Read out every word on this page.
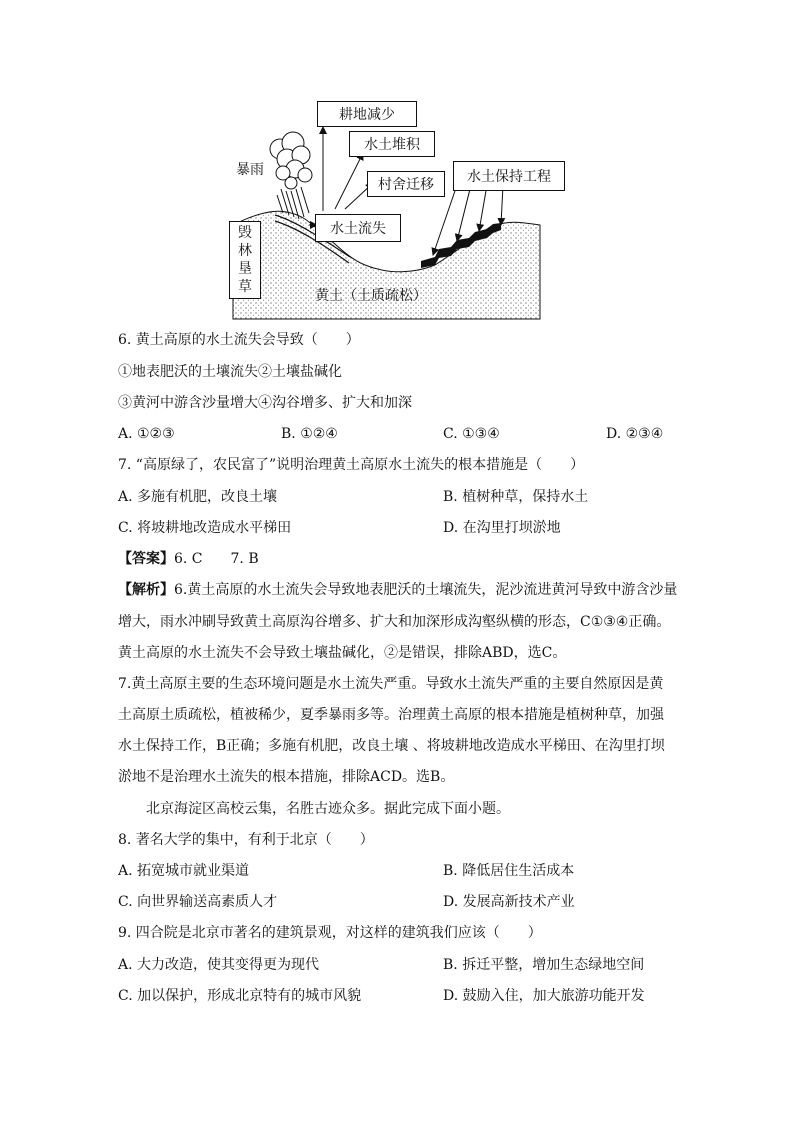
耕地减少
水土堆积
村舍迁移	水土保持工程
水土流失
暴雨
毁
林
垦
草
黄土（土质疏松）
6. 黄土高原的水土流失会导致（　　）
①地表肥沃的土壤流失②土壤盐碱化
③黄河中游含沙量增大④沟谷增多、扩大和加深
A. ①②③	B. ①②④	C. ①③④	D. ②③④
7. “高原绿了，农民富了”说明治理黄土高原水土流失的根本措施是（　　）
A. 多施有机肥，改良土壤	B. 植树种草，保持水土
C. 将坡耕地改造成水平梯田	D. 在沟里打坝淤地
【答案】6. C　　7. B
【解析】6.黄土高原的水土流失会导致地表肥沃的土壤流失，泥沙流进黄河导致中游含沙量
增大，雨水冲刷导致黄土高原沟谷增多、扩大和加深形成沟壑纵横的形态，C①③④正确。
黄土高原的水土流失不会导致土壤盐碱化，②是错误，排除ABD，选C。
7.黄土高原主要的生态环境问题是水土流失严重。导致水土流失严重的主要自然原因是黄
土高原土质疏松，植被稀少，夏季暴雨多等。治理黄土高原的根本措施是植树种草，加强
水土保持工作，B正确；多施有机肥，改良土壤 、将坡耕地改造成水平梯田、在沟里打坝
淤地不是治理水土流失的根本措施，排除ACD。选B。
北京海淀区高校云集，名胜古迹众多。据此完成下面小题。
8. 著名大学的集中，有利于北京（　　）
A. 拓宽城市就业渠道	B. 降低居住生活成本
C. 向世界输送高素质人才	D. 发展高新技术产业
9. 四合院是北京市著名的建筑景观，对这样的建筑我们应该（　　）
A. 大力改造，使其变得更为现代	B. 拆迁平整，增加生态绿地空间
C. 加以保护，形成北京特有的城市风貌	D. 鼓励入住，加大旅游功能开发
